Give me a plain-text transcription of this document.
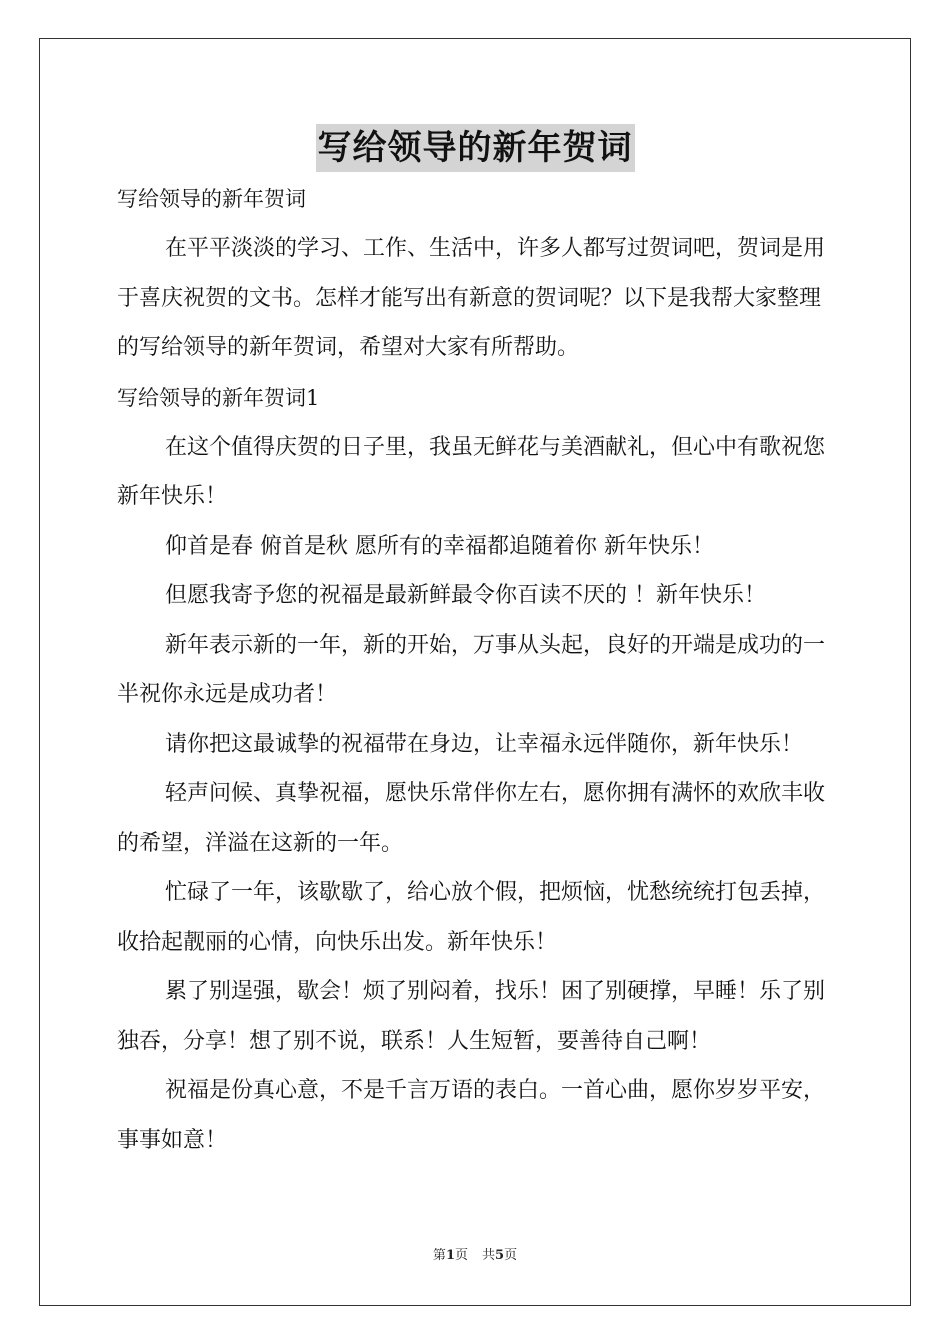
写给领导的新年贺词

写给领导的新年贺词

在平平淡淡的学习、工作、生活中，许多人都写过贺词吧，贺词是用于喜庆祝贺的文书。怎样才能写出有新意的贺词呢？以下是我帮大家整理的写给领导的新年贺词，希望对大家有所帮助。

写给领导的新年贺词1

在这个值得庆贺的日子里，我虽无鲜花与美酒献礼，但心中有歌祝您新年快乐！

仰首是春 俯首是秋 愿所有的幸福都追随着你 新年快乐！

但愿我寄予您的祝福是最新鲜最令你百读不厌的 ！新年快乐！

新年表示新的一年，新的开始，万事从头起，良好的开端是成功的一半祝你永远是成功者！

请你把这最诚挚的祝福带在身边，让幸福永远伴随你，新年快乐！

轻声问候、真挚祝福，愿快乐常伴你左右，愿你拥有满怀的欢欣丰收的希望，洋溢在这新的一年。

忙碌了一年，该歇歇了，给心放个假，把烦恼，忧愁统统打包丢掉，收拾起靓丽的心情，向快乐出发。新年快乐！

累了别逞强，歇会！烦了别闷着，找乐！困了别硬撑，早睡！乐了别独吞，分享！想了别不说，联系！人生短暂，要善待自己啊！

祝福是份真心意，不是千言万语的表白。一首心曲，愿你岁岁平安，事事如意！

第1页 共5页
